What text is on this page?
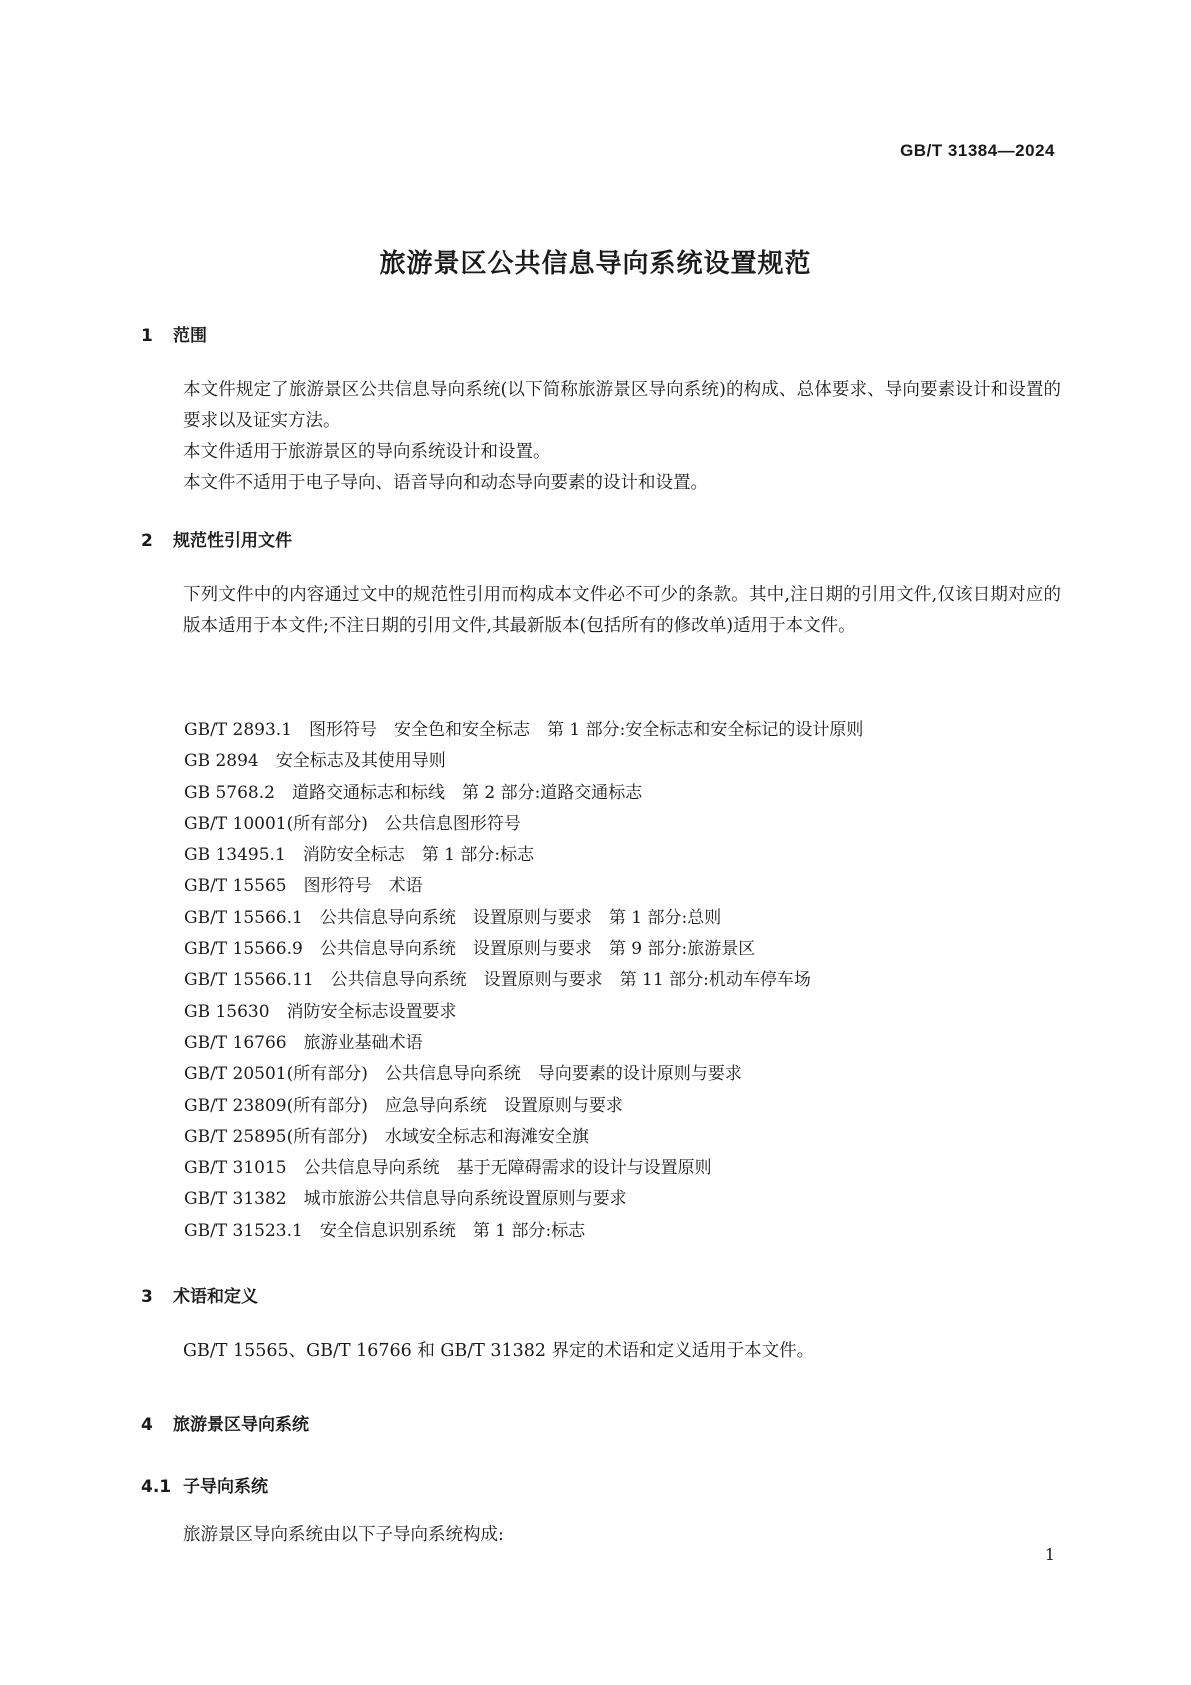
GB/T 31384—2024
旅游景区公共信息导向系统设置规范
1 范围
本文件规定了旅游景区公共信息导向系统(以下简称旅游景区导向系统)的构成、总体要求、导向要素设计和设置的要求以及证实方法。
本文件适用于旅游景区的导向系统设计和设置。
本文件不适用于电子导向、语音导向和动态导向要素的设计和设置。
2 规范性引用文件
下列文件中的内容通过文中的规范性引用而构成本文件必不可少的条款。其中,注日期的引用文件,仅该日期对应的版本适用于本文件;不注日期的引用文件,其最新版本(包括所有的修改单)适用于本文件。
GB/T 2893.1　图形符号　安全色和安全标志　第 1 部分:安全标志和安全标记的设计原则
GB 2894　安全标志及其使用导则
GB 5768.2　道路交通标志和标线　第 2 部分:道路交通标志
GB/T 10001(所有部分)　公共信息图形符号
GB 13495.1　消防安全标志　第 1 部分:标志
GB/T 15565　图形符号　术语
GB/T 15566.1　公共信息导向系统　设置原则与要求　第 1 部分:总则
GB/T 15566.9　公共信息导向系统　设置原则与要求　第 9 部分:旅游景区
GB/T 15566.11　公共信息导向系统　设置原则与要求　第 11 部分:机动车停车场
GB 15630　消防安全标志设置要求
GB/T 16766　旅游业基础术语
GB/T 20501(所有部分)　公共信息导向系统　导向要素的设计原则与要求
GB/T 23809(所有部分)　应急导向系统　设置原则与要求
GB/T 25895(所有部分)　水域安全标志和海滩安全旗
GB/T 31015　公共信息导向系统　基于无障碍需求的设计与设置原则
GB/T 31382　城市旅游公共信息导向系统设置原则与要求
GB/T 31523.1　安全信息识别系统　第 1 部分:标志
3 术语和定义
GB/T 15565、GB/T 16766 和 GB/T 31382 界定的术语和定义适用于本文件。
4 旅游景区导向系统
4.1 子导向系统
旅游景区导向系统由以下子导向系统构成:
1
